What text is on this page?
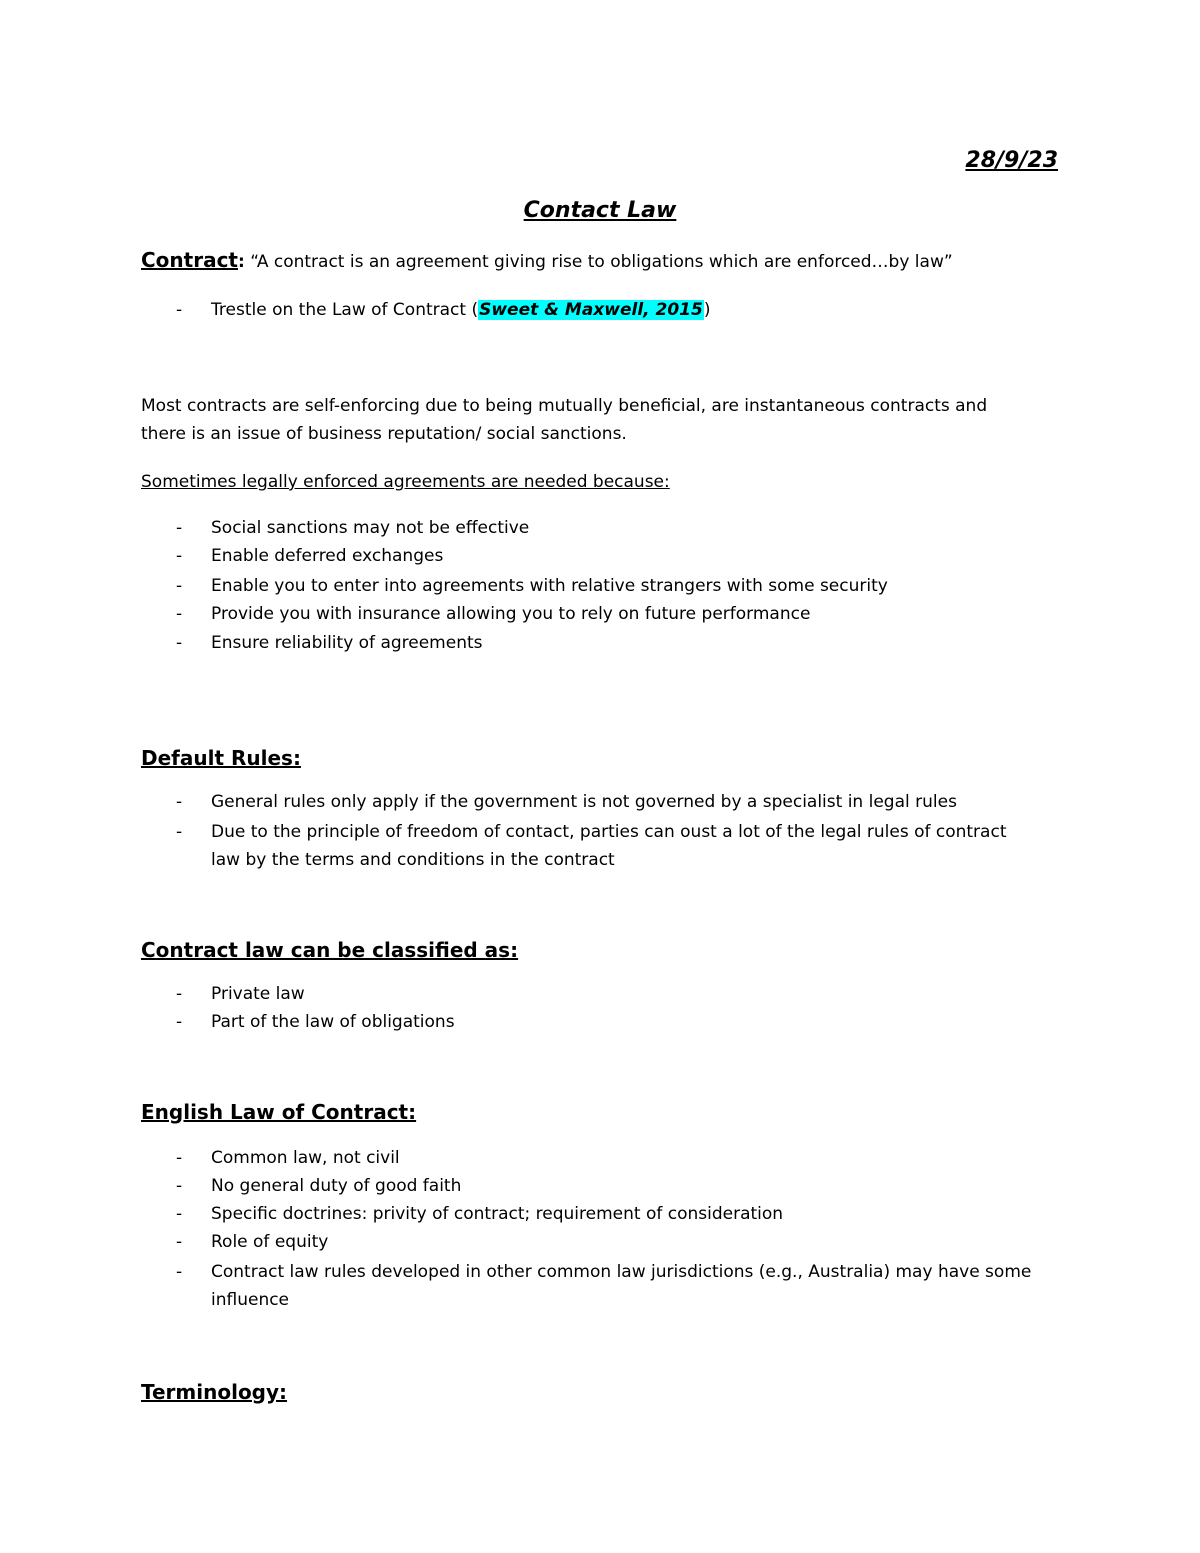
28/9/23
Contact Law
Contract: “A contract is an agreement giving rise to obligations which are enforced…by law”
- Trestle on the Law of Contract (Sweet & Maxwell, 2015)
Most contracts are self-enforcing due to being mutually beneficial, are instantaneous contracts and
there is an issue of business reputation/ social sanctions.
Sometimes legally enforced agreements are needed because:
- Social sanctions may not be effective
- Enable deferred exchanges
- Enable you to enter into agreements with relative strangers with some security
- Provide you with insurance allowing you to rely on future performance
- Ensure reliability of agreements
Default Rules:
- General rules only apply if the government is not governed by a specialist in legal rules
- Due to the principle of freedom of contact, parties can oust a lot of the legal rules of contract
law by the terms and conditions in the contract
Contract law can be classified as:
- Private law
- Part of the law of obligations
English Law of Contract:
- Common law, not civil
- No general duty of good faith
- Specific doctrines: privity of contract; requirement of consideration
- Role of equity
- Contract law rules developed in other common law jurisdictions (e.g., Australia) may have some
influence
Terminology:
